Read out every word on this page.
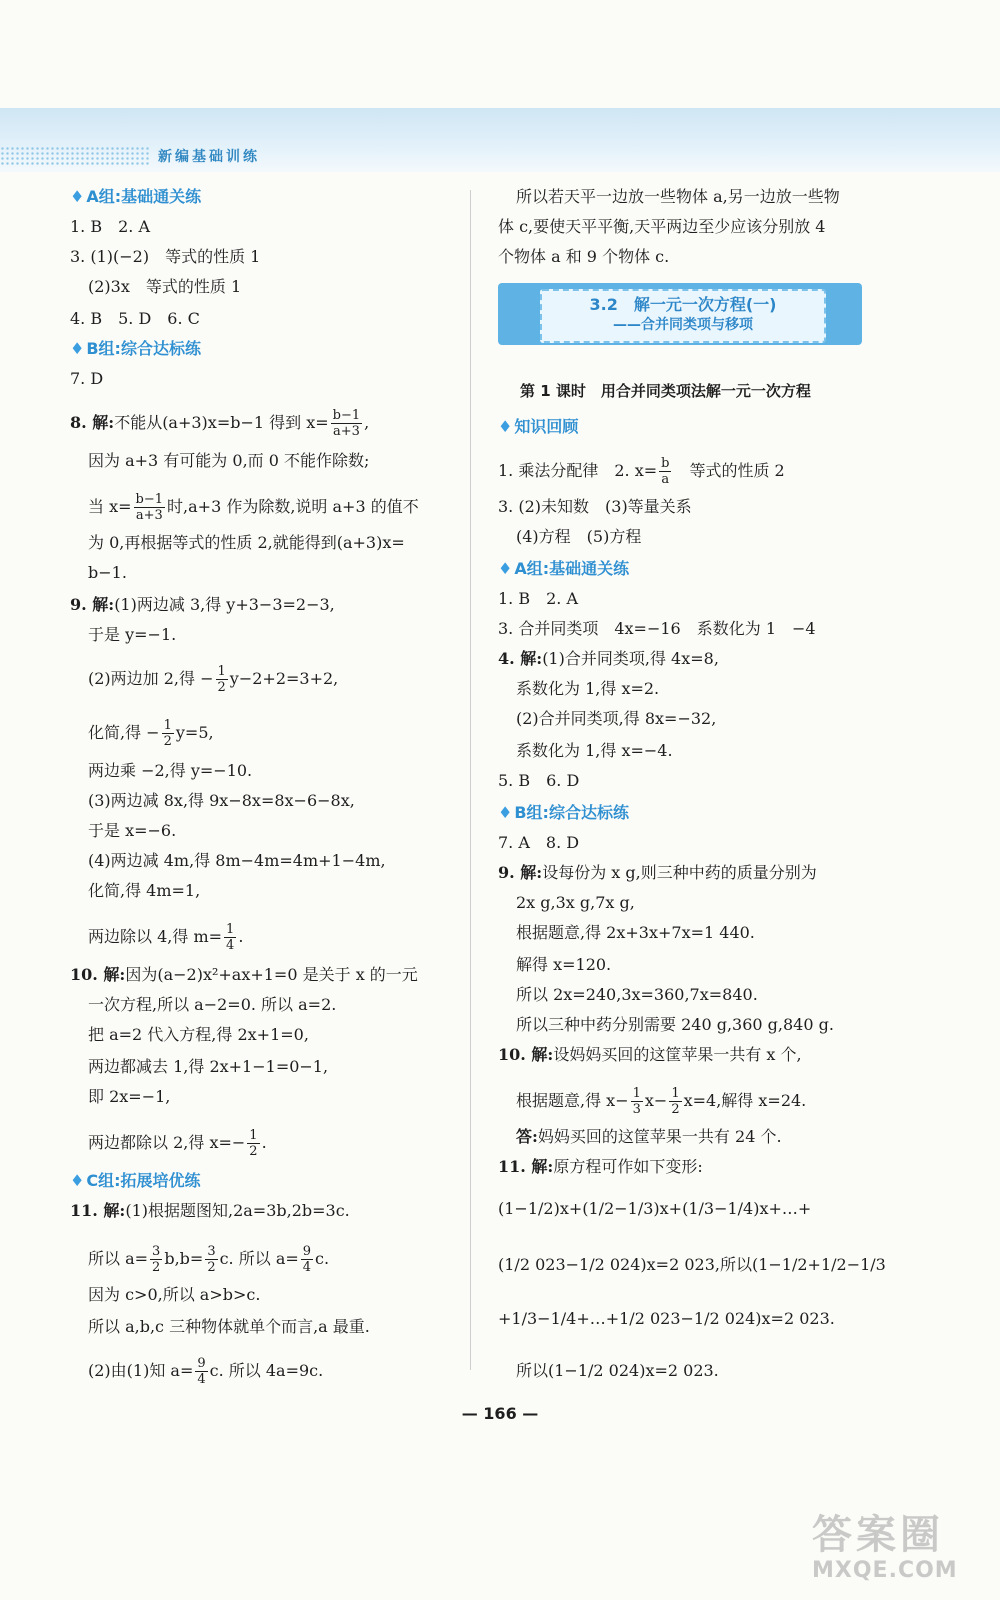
新编基础训练
♦ A组:基础通关练
1. B　2. A
3. (1)(−2)　等式的性质 1
(2)3x　等式的性质 1
4. B　5. D　6. C
♦ B组:综合达标练
7. D
8. 解:不能从(a+3)x=b−1 得到 $x= \frac{b-1}{a+3}$ ,
因为 a+3 有可能为 0,而 0 不能作除数;
当 $x= \frac{b-1}{a+3}$ 时,a+3 作为除数,说明 a+3 的值不
为 0,再根据等式的性质 2,就能得到(a+3)x=
b−1.
9. 解:(1)两边减 3,得 y+3−3=2−3,
于是 y=−1.
(2)两边加 2,得 − $\frac{1}{2} y-2+2=3+2$,
化简,得 − $\frac{1}{2} y=5$,
两边乘 −2,得 y=−10.
(3)两边减 8x,得 9x−8x=8x−6−8x,
于是 x=−6.
(4)两边减 4m,得 8m−4m=4m+1−4m,
化简,得 4m=1,
两边除以 4,得 $m= \frac{1}{4}$ .
10. 解:因为(a−2)x²+ax+1=0 是关于 x 的一元
一次方程,所以 a−2=0. 所以 a=2.
把 a=2 代入方程,得 2x+1=0,
两边都减去 1,得 2x+1−1=0−1,
即 2x=−1,
两边都除以 2,得 $x=- \frac{1}{2}$ .
♦ C组:拓展培优练
11. 解:(1)根据题图知,2a=3b,2b=3c.
所以 $a= \frac{3}{2} b,b= \frac{3}{2} c$. 所以 $a= \frac{9}{4} c$.
因为 c>0,所以 a>b>c.
所以 a,b,c 三种物体就单个而言,a 最重.
(2)由(1)知 $a= \frac{9}{4} c$. 所以 4a=9c.
所以若天平一边放一些物体 a,另一边放一些物
体 c,要使天平平衡,天平两边至少应该分别放 4
个物体 a 和 9 个物体 c.
3.2　解一元一次方程(一)
——合并同类项与移项
第 1 课时　用合并同类项法解一元一次方程
♦ 知识回顾
1. 乘法分配律　2. $x= \frac{b}{a}$ 　等式的性质 2
3. (2)未知数　(3)等量关系
(4)方程　(5)方程
♦ A组:基础通关练
1. B　2. A
3. 合并同类项　4x=−16　系数化为 1　−4
4. 解:(1)合并同类项,得 4x=8,
系数化为 1,得 x=2.
(2)合并同类项,得 8x=−32,
系数化为 1,得 x=−4.
5. B　6. D
♦ B组:综合达标练
7. A　8. D
9. 解:设每份为 x g,则三种中药的质量分别为
2x g,3x g,7x g,
根据题意,得 2x+3x+7x=1 440.
解得 x=120.
所以 2x=240,3x=360,7x=840.
所以三种中药分别需要 240 g,360 g,840 g.
10. 解:设妈妈买回的这筐苹果一共有 x 个,
根据题意,得 $x- \frac{1}{3} x- \frac{1}{2} x=4$,解得 x=24.
答:妈妈买回的这筐苹果一共有 24 个.
11. 解:原方程可作如下变形:
(1−1/2)x+(1/2−1/3)x+(1/3−1/4)x+…+
(1/2 023−1/2 024)x=2 023,所以(1−1/2+1/2−1/3
+1/3−1/4+…+1/2 023−1/2 024)x=2 023.
所以(1−1/2 024)x=2 023.
— 166 —
答案圈
MXQE.COM
